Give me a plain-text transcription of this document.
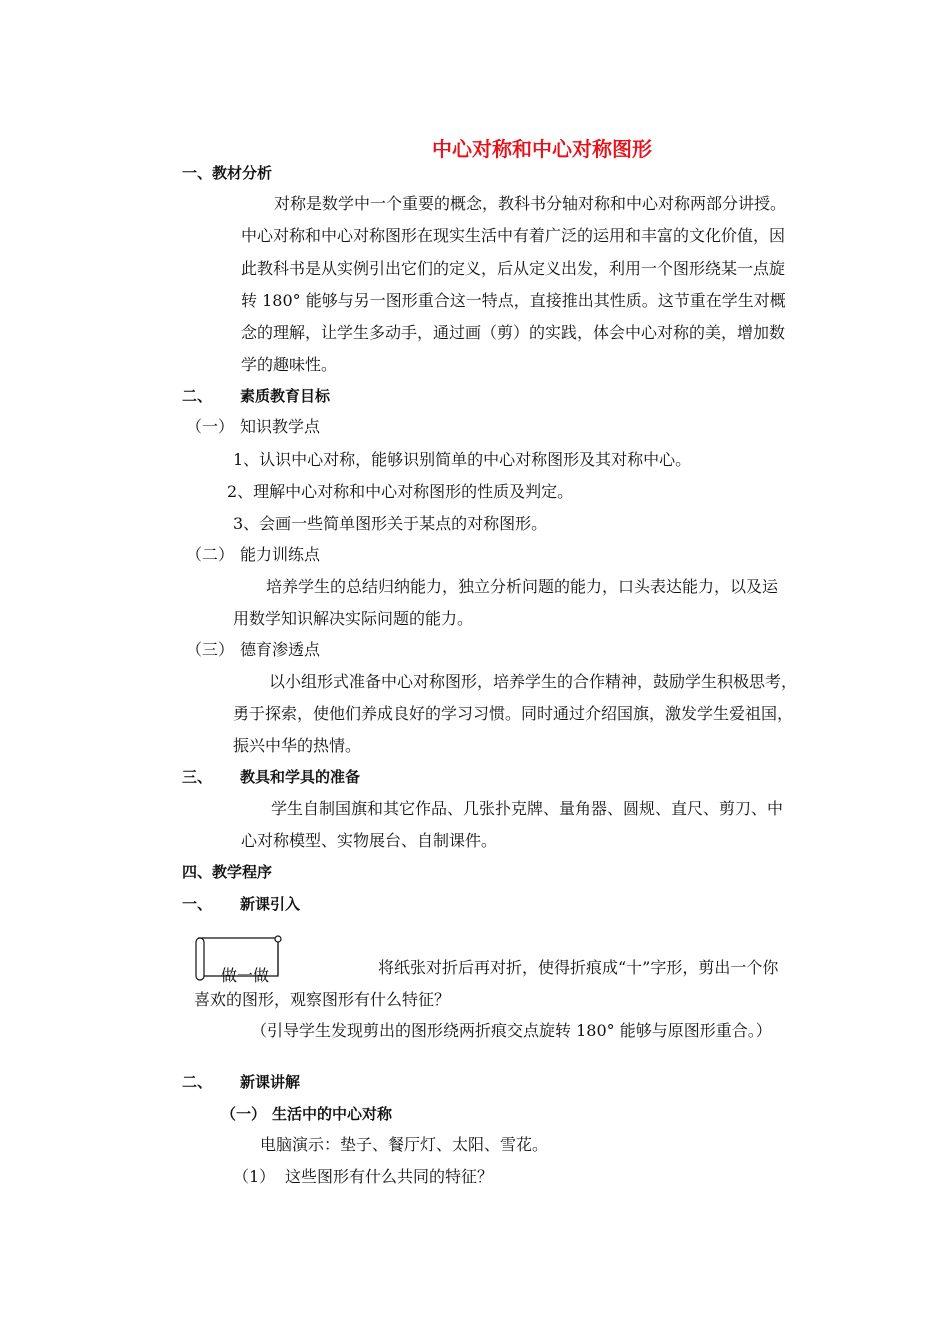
中心对称和中心对称图形
一、教材分析
对称是数学中一个重要的概念，教科书分轴对称和中心对称两部分讲授。
中心对称和中心对称图形在现实生活中有着广泛的运用和丰富的文化价值，因
此教科书是从实例引出它们的定义，后从定义出发，利用一个图形绕某一点旋
转 180° 能够与另一图形重合这一特点，直接推出其性质。这节重在学生对概
念的理解，让学生多动手，通过画（剪）的实践，体会中心对称的美，增加数
学的趣味性。
二、 素质教育目标
（一） 知识教学点
1、认识中心对称，能够识别简单的中心对称图形及其对称中心。
2、理解中心对称和中心对称图形的性质及判定。
3、会画一些简单图形关于某点的对称图形。
（二） 能力训练点
培养学生的总结归纳能力，独立分析问题的能力，口头表达能力，以及运
用数学知识解决实际问题的能力。
（三） 德育渗透点
以小组形式准备中心对称图形，培养学生的合作精神，鼓励学生积极思考，
勇于探索，使他们养成良好的学习习惯。同时通过介绍国旗，激发学生爱祖国，
振兴中华的热情。
三、 教具和学具的准备
学生自制国旗和其它作品、几张扑克牌、量角器、圆规、直尺、剪刀、中
心对称模型、实物展台、自制课件。
四、教学程序
一、 新课引入
做一做	将纸张对折后再对折，使得折痕成“十”字形，剪出一个你
喜欢的图形，观察图形有什么特征？
（引导学生发现剪出的图形绕两折痕交点旋转 180° 能够与原图形重合。）
二、 新课讲解
（一） 生活中的中心对称
电脑演示：垫子、餐厅灯、太阳、雪花。
（1） 这些图形有什么共同的特征？
